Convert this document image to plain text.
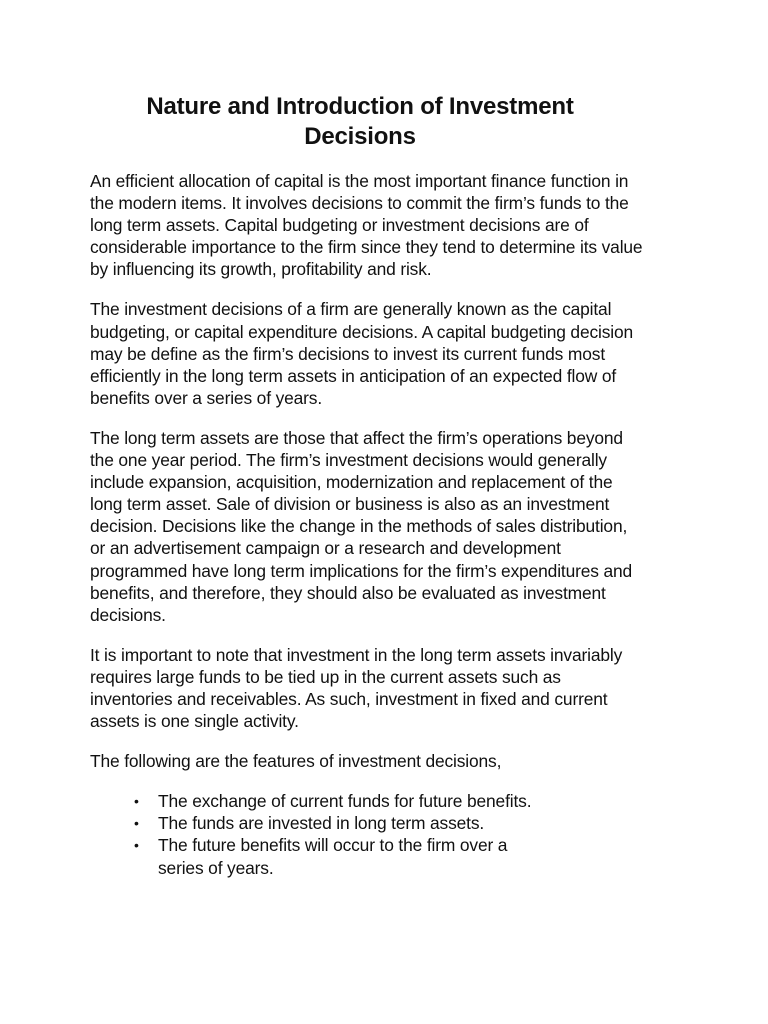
Nature and Introduction of Investment
Decisions

An efficient allocation of capital is the most important finance function in
the modern items. It involves decisions to commit the firm’s funds to the
long term assets. Capital budgeting or investment decisions are of
considerable importance to the firm since they tend to determine its value
by influencing its growth, profitability and risk.

The investment decisions of a firm are generally known as the capital
budgeting, or capital expenditure decisions. A capital budgeting decision
may be define as the firm’s decisions to invest its current funds most
efficiently in the long term assets in anticipation of an expected flow of
benefits over a series of years.

The long term assets are those that affect the firm’s operations beyond
the one year period. The firm’s investment decisions would generally
include expansion, acquisition, modernization and replacement of the
long term asset. Sale of division or business is also as an investment
decision. Decisions like the change in the methods of sales distribution,
or an advertisement campaign or a research and development
programmed have long term implications for the firm’s expenditures and
benefits, and therefore, they should also be evaluated as investment
decisions.

It is important to note that investment in the long term assets invariably
requires large funds to be tied up in the current assets such as
inventories and receivables. As such, investment in fixed and current
assets is one single activity.

The following are the features of investment decisions,

• The exchange of current funds for future benefits.
• The funds are invested in long term assets.
• The future benefits will occur to the firm over a
series of years.
